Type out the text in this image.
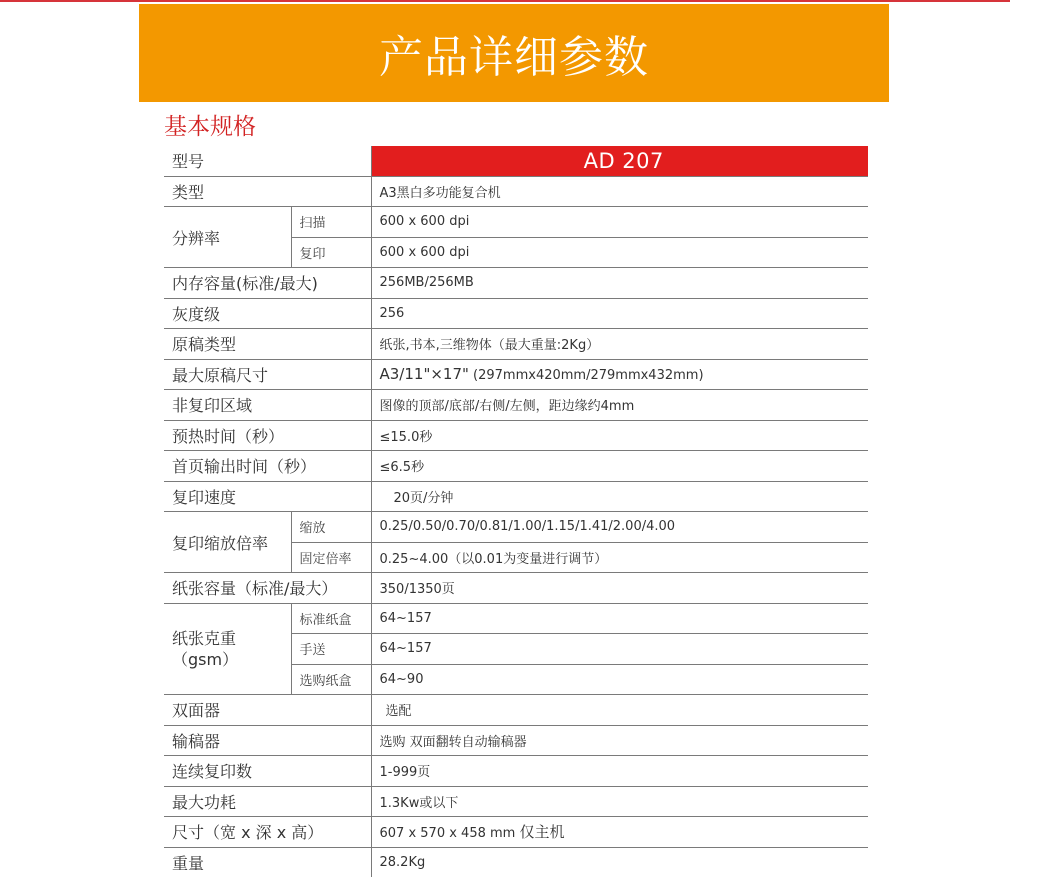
产品详细参数
基本规格
型号		AD 207
类型		A3黑白多功能复合机
分辨率	扫描	600 x 600 dpi
	复印	600 x 600 dpi
内存容量(标准/最大)		256MB/256MB
灰度级		256
原稿类型		纸张,书本,三维物体（最大重量:2Kg）
最大原稿尺寸		A3/11"×17" (297mmx420mm/279mmx432mm)
非复印区域		图像的顶部/底部/右侧/左侧，距边缘约4mm
预热时间（秒）		≤15.0秒
首页输出时间（秒）		≤6.5秒
复印速度		20页/分钟
复印缩放倍率	缩放	0.25/0.50/0.70/0.81/1.00/1.15/1.41/2.00/4.00
	固定倍率	0.25~4.00（以0.01为变量进行调节）
纸张容量（标准/最大）		350/1350页

纸张克重
（gsm）	标准纸盒	64~157
	手送	64~157
	选购纸盒	64~90
双面器		选配
输稿器		选购 双面翻转自动输稿器
连续复印数		1-999页
最大功耗		1.3Kw或以下
尺寸（宽 x 深 x 高）		607 x 570 x 458 mm 仅主机
重量		28.2Kg
